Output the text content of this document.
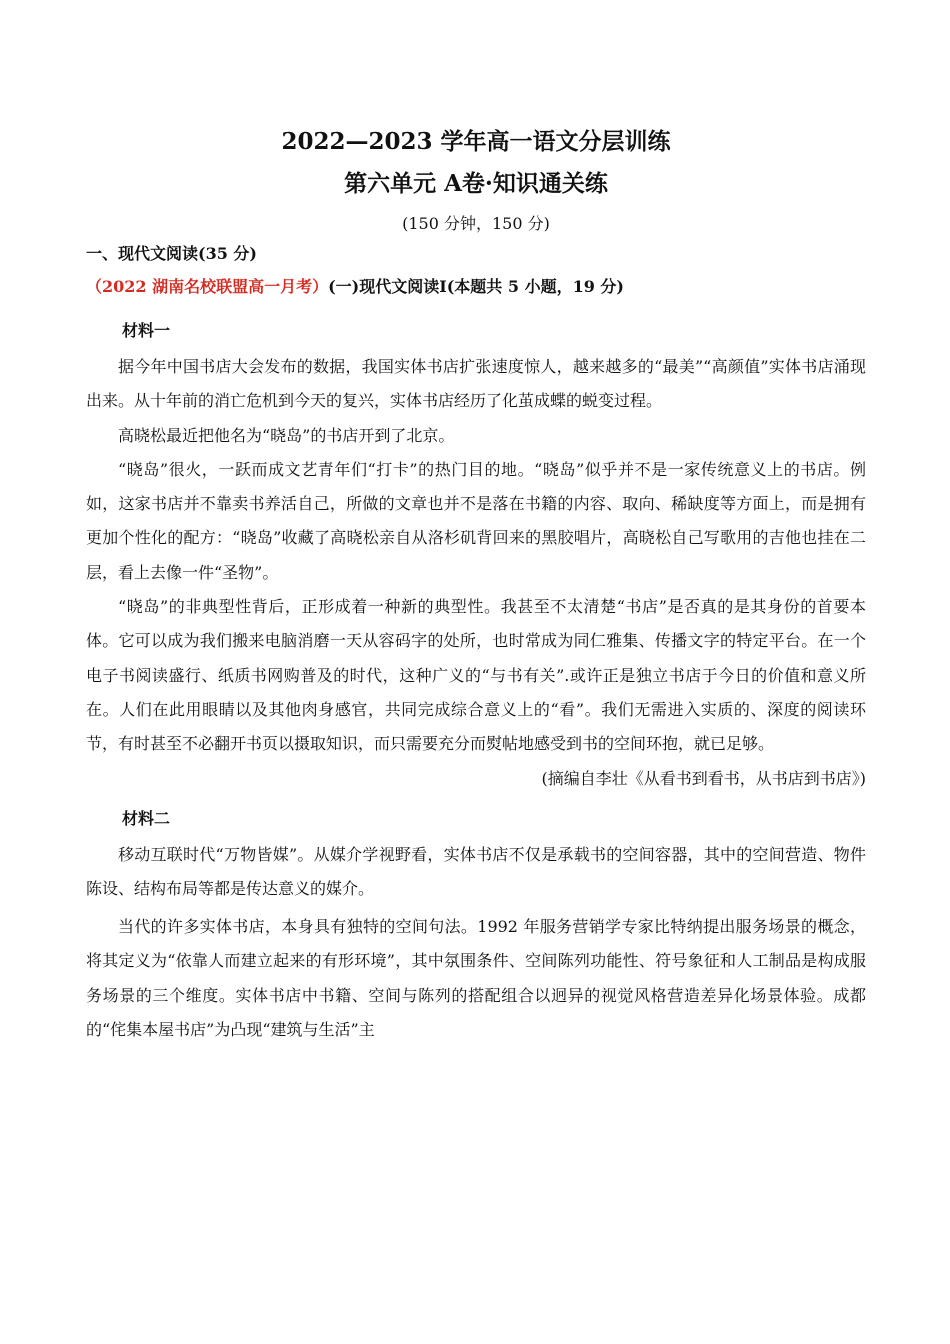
2022—2023 学年高一语文分层训练
第六单元 A卷·知识通关练

(150 分钟，150 分)

一、现代文阅读(35 分)

（2022 湖南名校联盟高一月考）(一)现代文阅读Ⅰ(本题共 5 小题，19 分)

材料一

据今年中国书店大会发布的数据，我国实体书店扩张速度惊人，越来越多的“最美”“高颜值”实体书店涌现出来。从十年前的消亡危机到今天的复兴，实体书店经历了化茧成蝶的蜕变过程。

高晓松最近把他名为“晓岛”的书店开到了北京。

“晓岛”很火，一跃而成文艺青年们“打卡”的热门目的地。“晓岛”似乎并不是一家传统意义上的书店。例如，这家书店并不靠卖书养活自己，所做的文章也并不是落在书籍的内容、取向、稀缺度等方面上，而是拥有更加个性化的配方：“晓岛”收藏了高晓松亲自从洛杉矶背回来的黑胶唱片，高晓松自己写歌用的吉他也挂在二层，看上去像一件“圣物”。

“晓岛”的非典型性背后，正形成着一种新的典型性。我甚至不太清楚“书店”是否真的是其身份的首要本体。它可以成为我们搬来电脑消磨一天从容码字的处所，也时常成为同仁雅集、传播文字的特定平台。在一个电子书阅读盛行、纸质书网购普及的时代，这种广义的“与书有关”.或许正是独立书店于今日的价值和意义所在。人们在此用眼睛以及其他肉身感官，共同完成综合意义上的“看”。我们无需进入实质的、深度的阅读环节，有时甚至不必翻开书页以摄取知识，而只需要充分而熨帖地感受到书的空间环抱，就已足够。

(摘编自李壮《从看书到看书，从书店到书店》)

材料二

移动互联时代“万物皆媒”。从媒介学视野看，实体书店不仅是承载书的空间容器，其中的空间营造、物件陈设、结构布局等都是传达意义的媒介。

当代的许多实体书店，本身具有独特的空间句法。1992 年服务营销学专家比特纳提出服务场景的概念，将其定义为“依靠人而建立起来的有形环境”，其中氛围条件、空间陈列功能性、符号象征和人工制品是构成服务场景的三个维度。实体书店中书籍、空间与陈列的搭配组合以迥异的视觉风格营造差异化场景体验。成都的“侘集本屋书店”为凸现“建筑与生活”主
